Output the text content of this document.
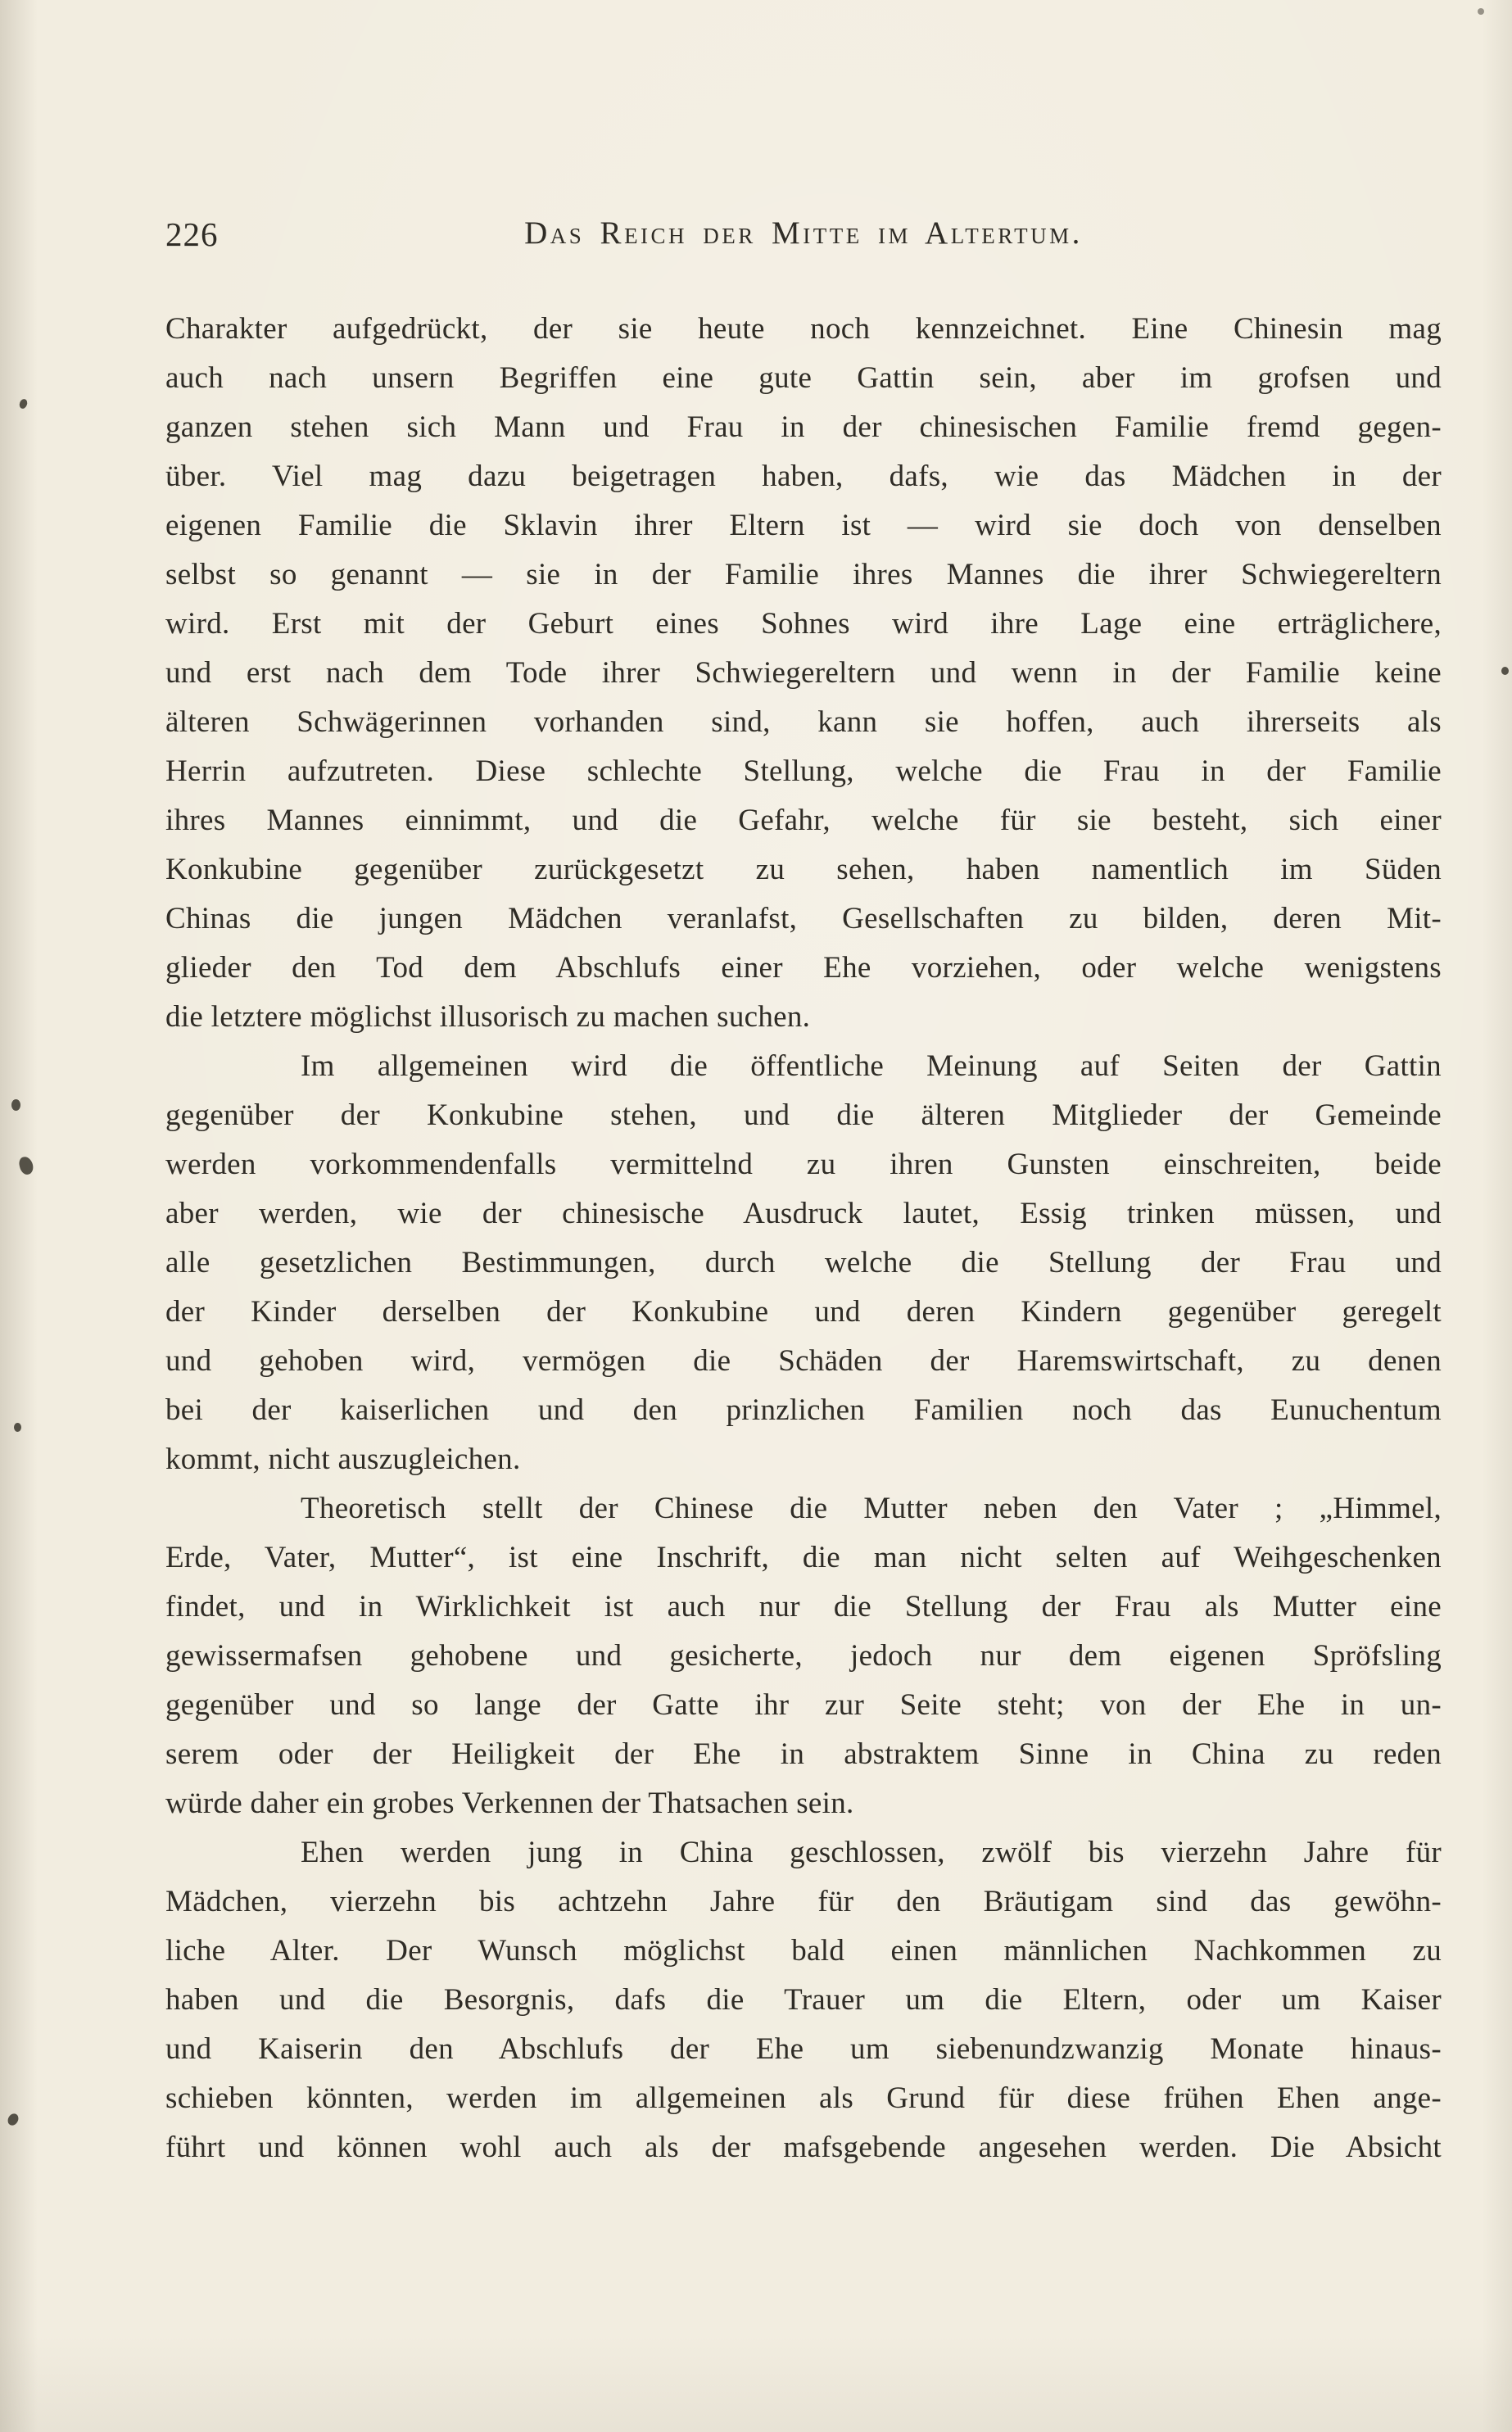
226	Das Reich der Mitte im Altertum.

Charakter aufgedrückt, der sie heute noch kennzeichnet. Eine Chinesin mag
auch nach unsern Begriffen eine gute Gattin sein, aber im grofsen und
ganzen stehen sich Mann und Frau in der chinesischen Familie fremd gegen-
über. Viel mag dazu beigetragen haben, dafs, wie das Mädchen in der
eigenen Familie die Sklavin ihrer Eltern ist — wird sie doch von denselben
selbst so genannt — sie in der Familie ihres Mannes die ihrer Schwiegereltern
wird. Erst mit der Geburt eines Sohnes wird ihre Lage eine erträglichere,
und erst nach dem Tode ihrer Schwiegereltern und wenn in der Familie keine
älteren Schwägerinnen vorhanden sind, kann sie hoffen, auch ihrerseits als
Herrin aufzutreten. Diese schlechte Stellung, welche die Frau in der Familie
ihres Mannes einnimmt, und die Gefahr, welche für sie besteht, sich einer
Konkubine gegenüber zurückgesetzt zu sehen, haben namentlich im Süden
Chinas die jungen Mädchen veranlafst, Gesellschaften zu bilden, deren Mit-
glieder den Tod dem Abschlufs einer Ehe vorziehen, oder welche wenigstens
die letztere möglichst illusorisch zu machen suchen.

Im allgemeinen wird die öffentliche Meinung auf Seiten der Gattin
gegenüber der Konkubine stehen, und die älteren Mitglieder der Gemeinde
werden vorkommendenfalls vermittelnd zu ihren Gunsten einschreiten, beide
aber werden, wie der chinesische Ausdruck lautet, Essig trinken müssen, und
alle gesetzlichen Bestimmungen, durch welche die Stellung der Frau und
der Kinder derselben der Konkubine und deren Kindern gegenüber geregelt
und gehoben wird, vermögen die Schäden der Haremswirtschaft, zu denen
bei der kaiserlichen und den prinzlichen Familien noch das Eunuchentum
kommt, nicht auszugleichen.

Theoretisch stellt der Chinese die Mutter neben den Vater ; „Himmel,
Erde, Vater, Mutter“, ist eine Inschrift, die man nicht selten auf Weihgeschenken
findet, und in Wirklichkeit ist auch nur die Stellung der Frau als Mutter eine
gewissermafsen gehobene und gesicherte, jedoch nur dem eigenen Spröfsling
gegenüber und so lange der Gatte ihr zur Seite steht; von der Ehe in un-
serem oder der Heiligkeit der Ehe in abstraktem Sinne in China zu reden
würde daher ein grobes Verkennen der Thatsachen sein.

Ehen werden jung in China geschlossen, zwölf bis vierzehn Jahre für
Mädchen, vierzehn bis achtzehn Jahre für den Bräutigam sind das gewöhn-
liche Alter. Der Wunsch möglichst bald einen männlichen Nachkommen zu
haben und die Besorgnis, dafs die Trauer um die Eltern, oder um Kaiser
und Kaiserin den Abschlufs der Ehe um siebenundzwanzig Monate hinaus-
schieben könnten, werden im allgemeinen als Grund für diese frühen Ehen ange-
führt und können wohl auch als der mafsgebende angesehen werden. Die Absicht
